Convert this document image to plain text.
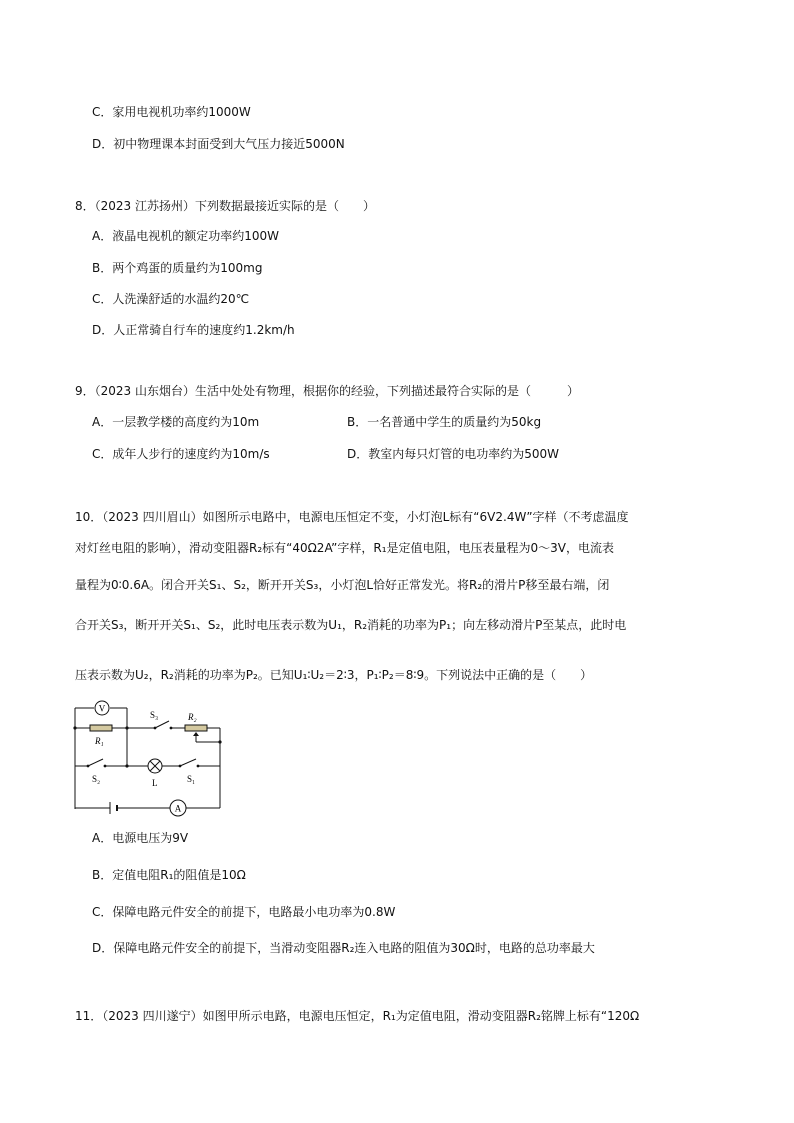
C．家用电视机功率约1000W
D．初中物理课本封面受到大气压力接近5000N
8．（2023 江苏扬州）下列数据最接近实际的是（　　）
A．液晶电视机的额定功率约100W
B．两个鸡蛋的质量约为100mg
C．人洗澡舒适的水温约20℃
D．人正常骑自行车的速度约1.2km/h
9．（2023 山东烟台）生活中处处有物理，根据你的经验，下列描述最符合实际的是（　　　）
A．一层教学楼的高度约为10m	B．一名普通中学生的质量约为50kg
C．成年人步行的速度约为10m/s	D．教室内每只灯管的电功率约为500W
10．（2023 四川眉山）如图所示电路中，电源电压恒定不变，小灯泡L标有“6V2.4W”字样（不考虑温度
对灯丝电阻的影响），滑动变阻器R₂标有“40Ω2A”字样，R₁是定值电阻，电压表量程为0～3V，电流表
量程为0∶0.6A。闭合开关S₁、S₂，断开开关S₃，小灯泡L恰好正常发光。将R₂的滑片P移至最右端，闭
合开关S₃，断开开关S₁、S₂，此时电压表示数为U₁，R₂消耗的功率为P₁；向左移动滑片P至某点，此时电
压表示数为U₂，R₂消耗的功率为P₂。已知U₁∶U₂＝2∶3，P₁∶P₂＝8∶9。下列说法中正确的是（　　）
V
R₁
S₃	R₂
S₂	L	S₁
A
A．电源电压为9V
B．定值电阻R₁的阻值是10Ω
C．保障电路元件安全的前提下，电路最小电功率为0.8W
D．保障电路元件安全的前提下，当滑动变阻器R₂连入电路的阻值为30Ω时，电路的总功率最大
11．（2023 四川遂宁）如图甲所示电路，电源电压恒定，R₁为定值电阻，滑动变阻器R₂铭牌上标有“120Ω
